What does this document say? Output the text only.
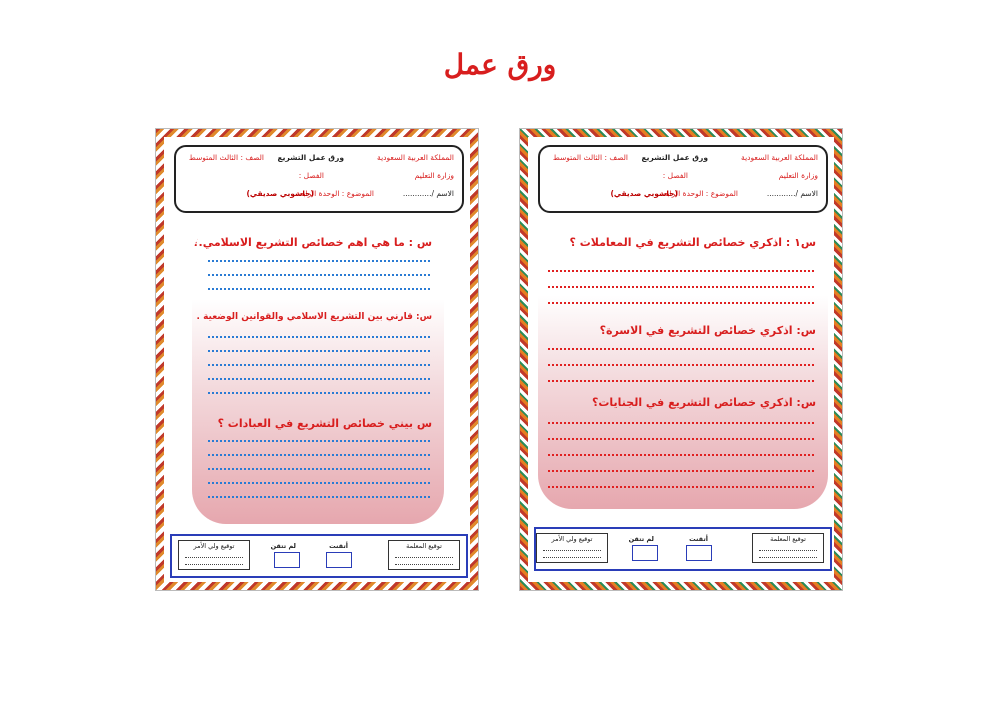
ورق عمل
المملكة العربية السعودية
ورق عمل التشريع
الصف : الثالث المتوسط
وزارة التعليم
الفصل :
الاسم /............
الموضوع : الوحدة الرابعة
(حاسوبي صديقي)
س : ما هي اهم خصائص التشريع الاسلامي.؟
س: قارني بين التشريع الاسلامي والقوانين الوضعية .
س بيني خصائص التشريع في العبادات ؟
توقيع المعلمة
أتقنت
لم تتقن
توقيع ولي الأمر
المملكة العربية السعودية
ورق عمل التشريع
الصف : الثالث المتوسط
وزارة التعليم
الفصل :
الاسم /............
الموضوع : الوحدة الرابعة
(حاسوبي صديقي)
س١ : اذكري خصائص التشريع في المعاملات ؟
س: اذكري خصائص التشريع في الاسرة؟
س: اذكري خصائص التشريع في الجنايات؟
توقيع المعلمة
أتقنت
لم تتقن
توقيع ولي الأمر
